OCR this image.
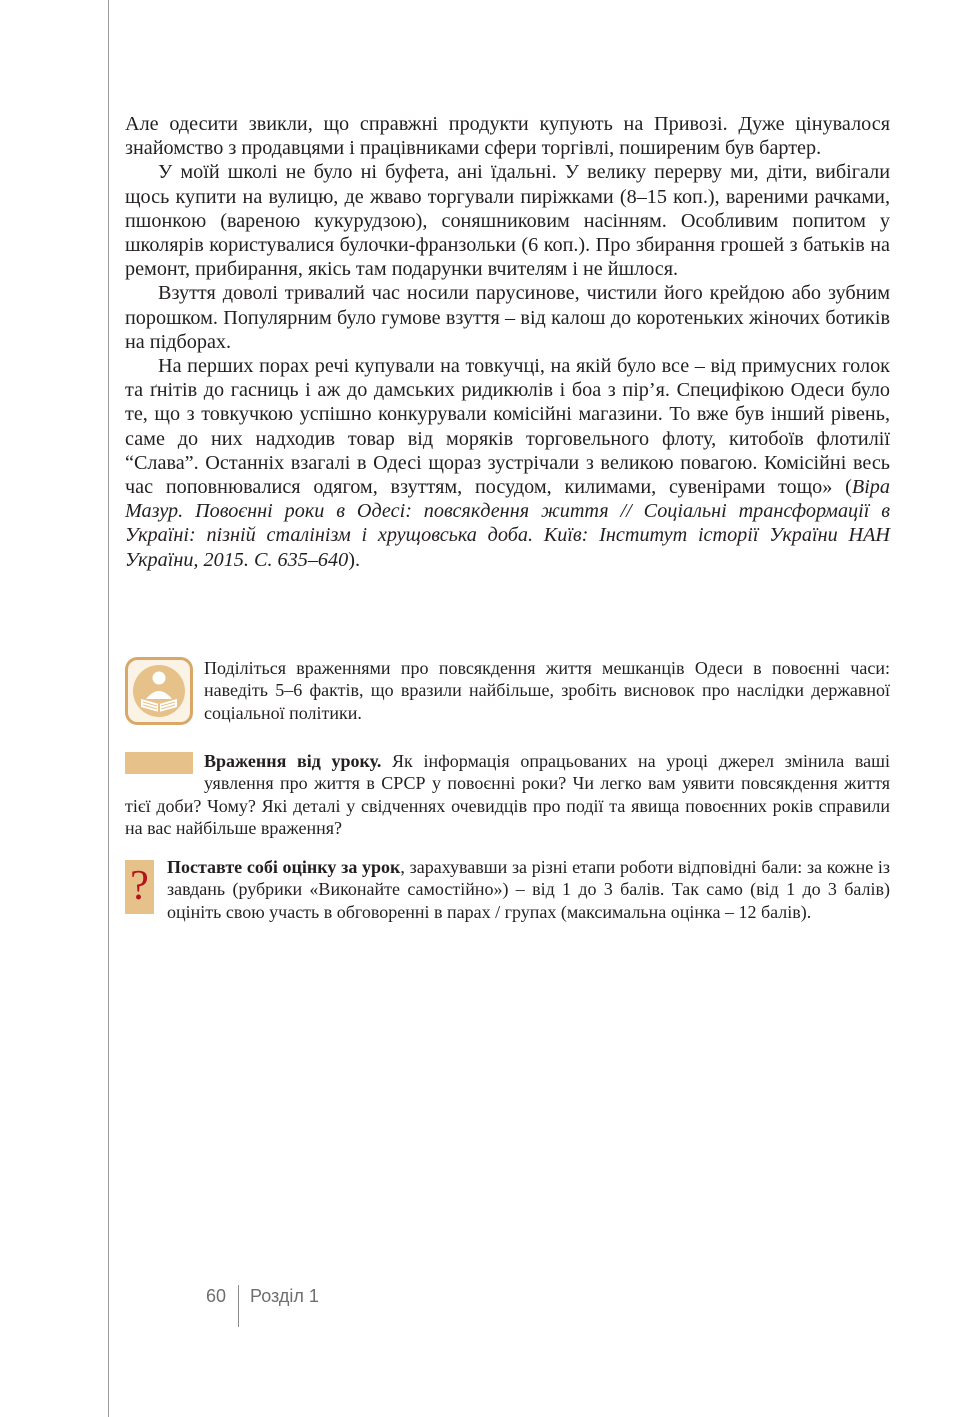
Але одесити звикли, що справжні продукти купують на Привозі. Дуже цінувалося знайомство з продавцями і працівниками сфери торгівлі, поширеним був бартер.

У моїй школі не було ні буфета, ані їдальні. У велику перерву ми, діти, вибігали щось купити на вулицю, де жваво торгували пиріжками (8–15 коп.), вареними рачками, пшонкою (вареною кукурудзою), соняшниковим насінням. Особливим попитом у школярів користувалися булочки-франзольки (6 коп.). Про збирання грошей з батьків на ремонт, прибирання, якісь там подарунки вчителям і не йшлося.

Взуття доволі тривалий час носили парусинове, чистили його крейдою або зубним порошком. Популярним було гумове взуття – від калош до коротеньких жіночих ботиків на підборах.

На перших порах речі купували на товкучці, на якій було все – від примусних голок та ґнітів до гасниць і аж до дамських ридикюлів і боа з пір’я. Специфікою Одеси було те, що з товкучкою успішно конкурували комісійні магазини. То вже був інший рівень, саме до них надходив товар від моряків торговельного флоту, китобоїв флотилії “Слава”. Останніх взагалі в Одесі щораз зустрічали з великою повагою. Комісійні весь час поповнювалися одягом, взуттям, посудом, килимами, сувенірами тощо» (Віра Мазур. Повоєнні роки в Одесі: повсякдення життя // Соціальні трансформації в Україні: пізній сталінізм і хрущовська доба. Київ: Інститут історії України НАН України, 2015. С. 635–640).

Поділіться враженнями про повсякдення життя мешканців Одеси в повоєнні часи: наведіть 5–6 фактів, що вразили найбільше, зробіть висновок про наслідки державної соціальної політики.
Враження від уроку. Як інформація опрацьованих на уроці джерел змінила ваші уявлення про життя в СРСР у повоєнні роки? Чи легко вам уявити повсякдення життя тієї доби? Чому? Які деталі у свідченнях очевидців про події та явища повоєнних років справили на вас найбільше враження?
? Поставте собі оцінку за урок, зарахувавши за різні етапи роботи відповідні бали: за кожне із завдань (рубрики «Виконайте самостійно») – від 1 до 3 балів. Так само (від 1 до 3 балів) оцініть свою участь в обговоренні в парах / групах (максимальна оцінка – 12 балів).
60 Розділ 1
